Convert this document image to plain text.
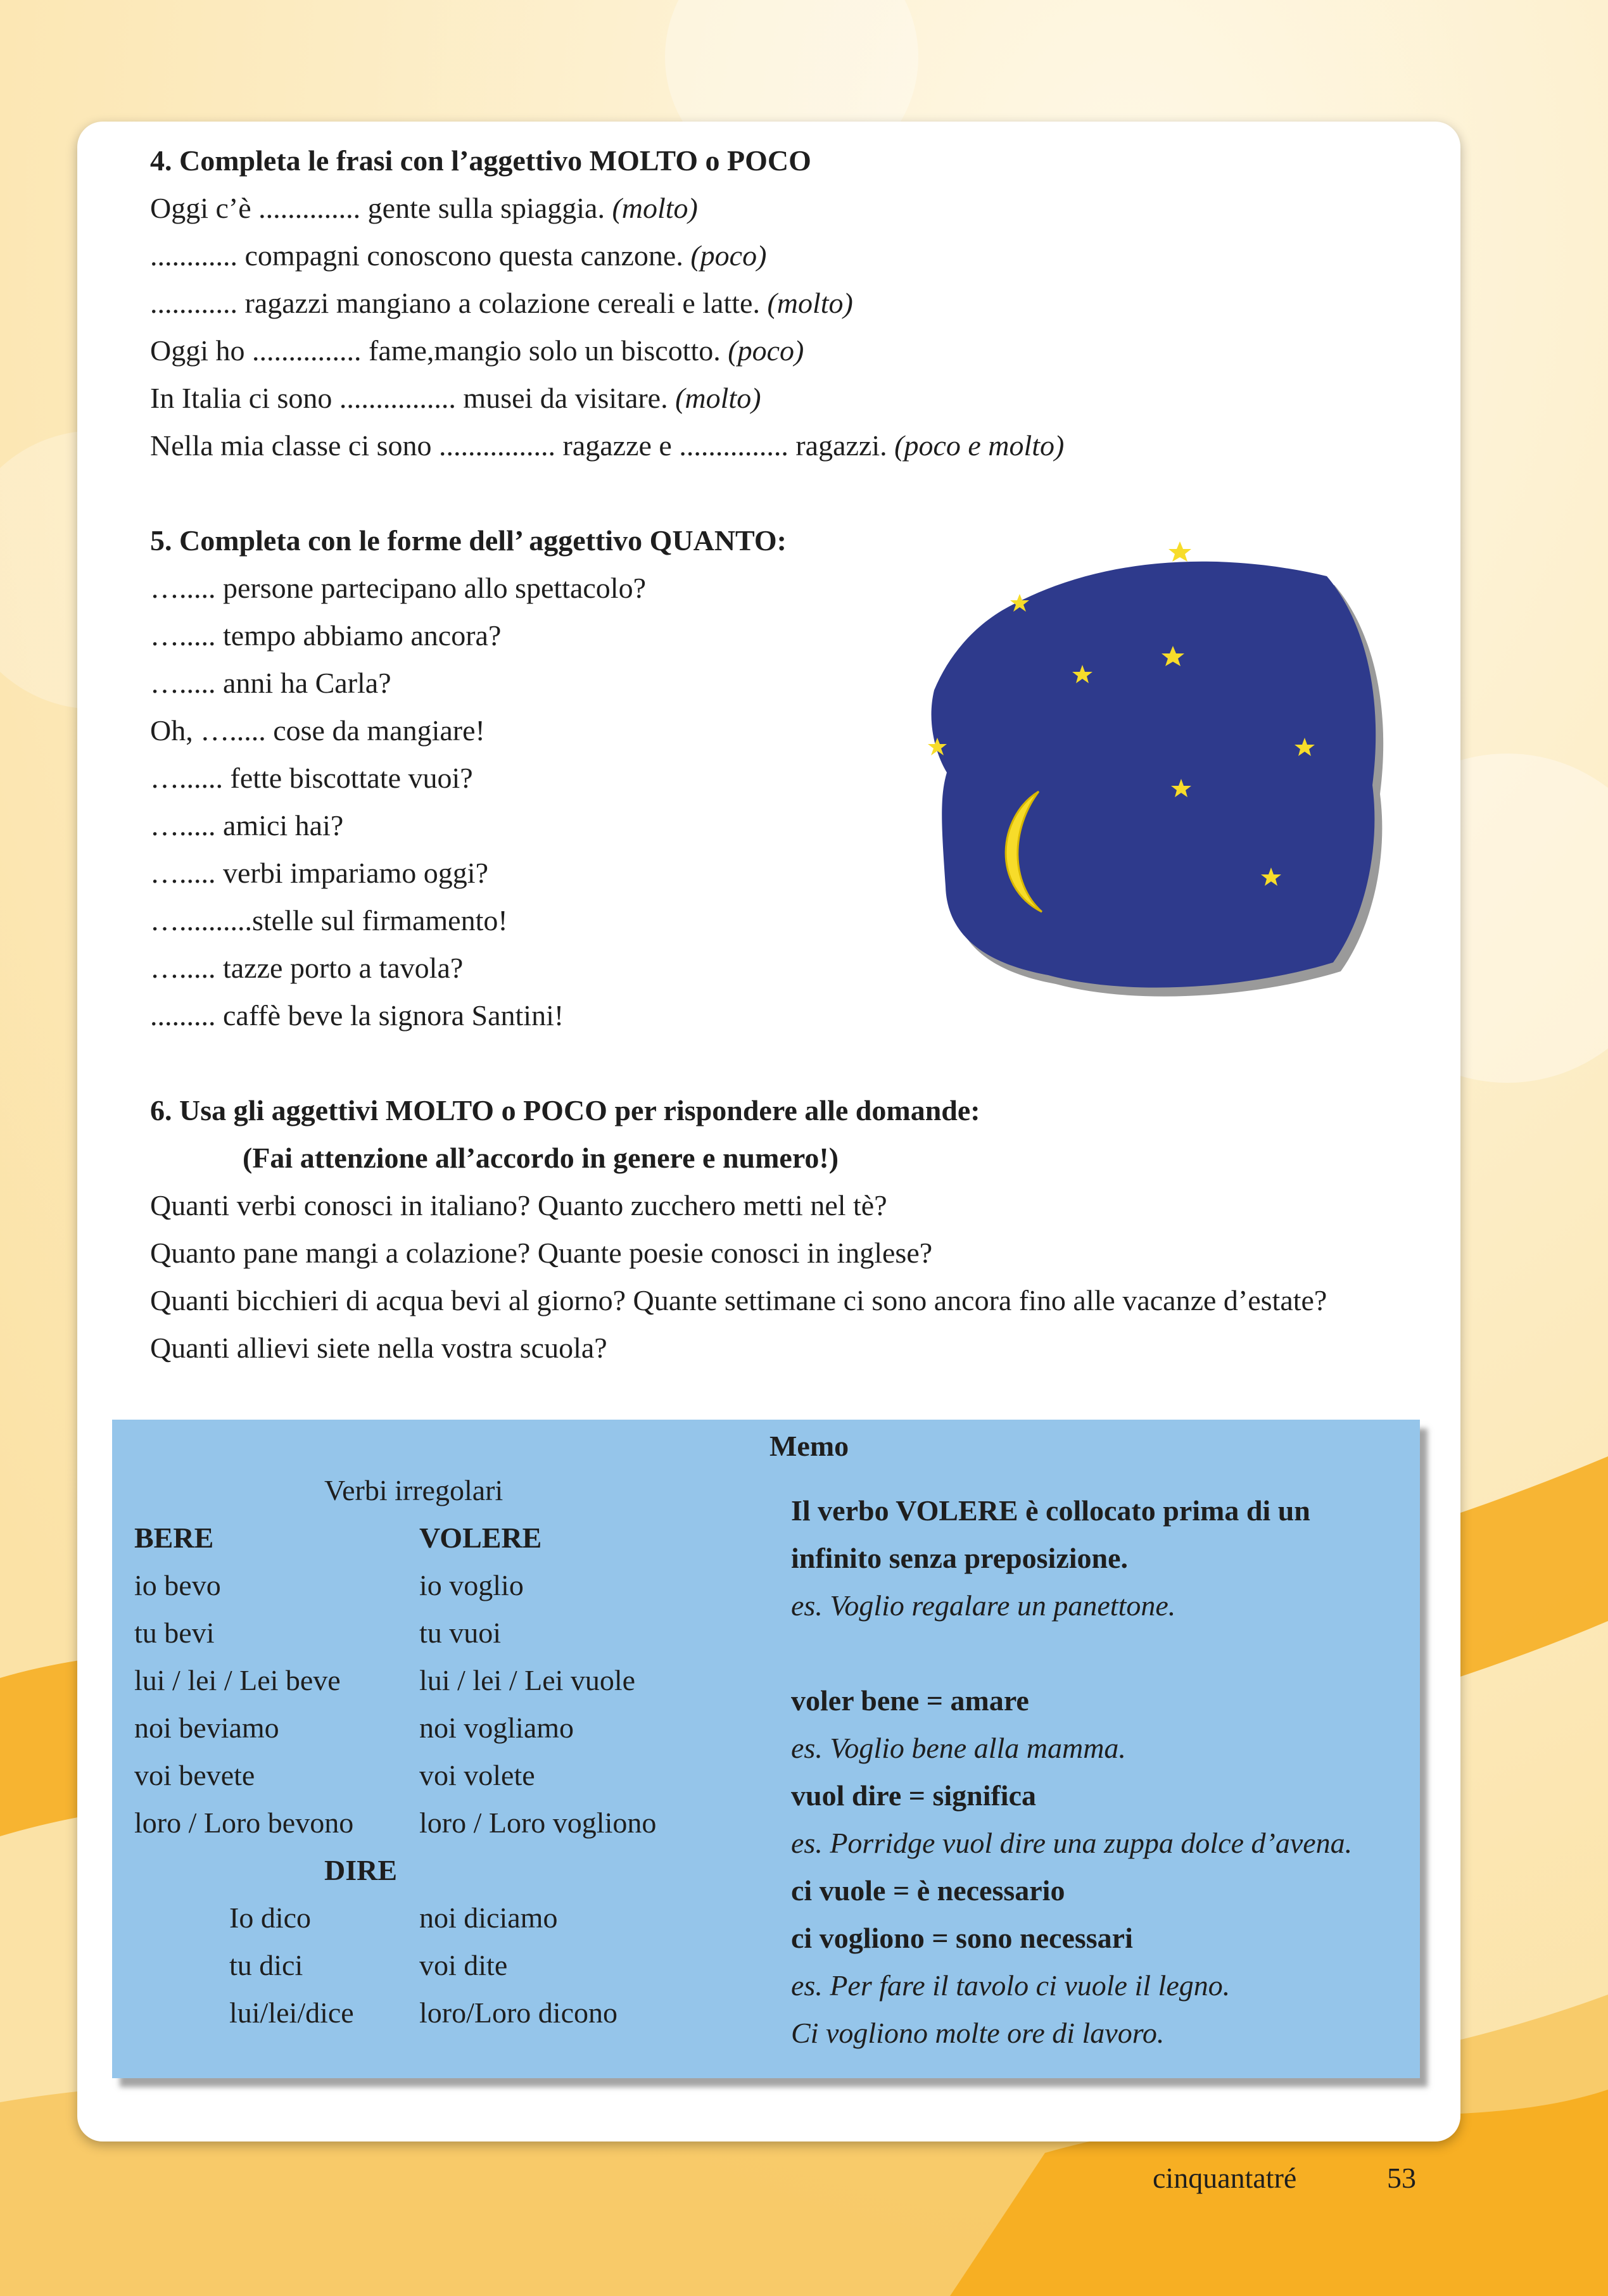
4. Completa le frasi con l’aggettivo MOLTO o POCO
Oggi c’è .............. gente sulla spiaggia. (molto)
............ compagni conoscono questa canzone. (poco)
............ ragazzi mangiano a colazione cereali e latte. (molto)
Oggi ho ............... fame,mangio solo un biscotto. (poco)
In Italia ci sono ................ musei da visitare. (molto)
Nella mia classe ci sono ................ ragazze e ............... ragazzi. (poco e molto)
5. Completa con le forme dell’ aggettivo QUANTO:
…..... persone partecipano allo spettacolo?
…..... tempo abbiamo ancora?
…..... anni ha Carla?
Oh, …..... cose da mangiare!
…...... fette biscottate vuoi?
…..... amici hai?
…..... verbi impariamo oggi?
…..........stelle sul firmamento!
…..... tazze porto a tavola?
......... caffè beve la signora Santini!
6. Usa gli aggettivi MOLTO o POCO per rispondere alle domande:
(Fai attenzione all’accordo in genere e numero!)
Quanti verbi conosci in italiano? Quanto zucchero metti nel tè?
Quanto pane mangi a colazione? Quante poesie conosci in inglese?
Quanti bicchieri di acqua bevi al giorno? Quante settimane ci sono ancora fino alle vacanze d’estate?
Quanti allievi siete nella vostra scuola?
Memo
Verbi irregolari
BERE	VOLERE
io bevo
tu bevi
lui / lei / Lei beve
noi beviamo
voi bevete
loro / Loro bevono
io voglio
tu vuoi
lui / lei / Lei vuole
noi vogliamo
voi volete
loro / Loro vogliono
DIRE
Io dico
tu dici
lui/lei/dice
noi diciamo
voi dite
loro/Loro dicono
Il verbo VOLERE è collocato prima di un
infinito senza preposizione.
es. Voglio regalare un panettone.
voler bene = amare
es. Voglio bene alla mamma.
vuol dire = significa
es. Porridge vuol dire una zuppa dolce d’avena.
ci vuole = è necessario
ci vogliono = sono necessari
es. Per fare il tavolo ci vuole il legno.
Ci vogliono molte ore di lavoro.
cinquantatré	53
